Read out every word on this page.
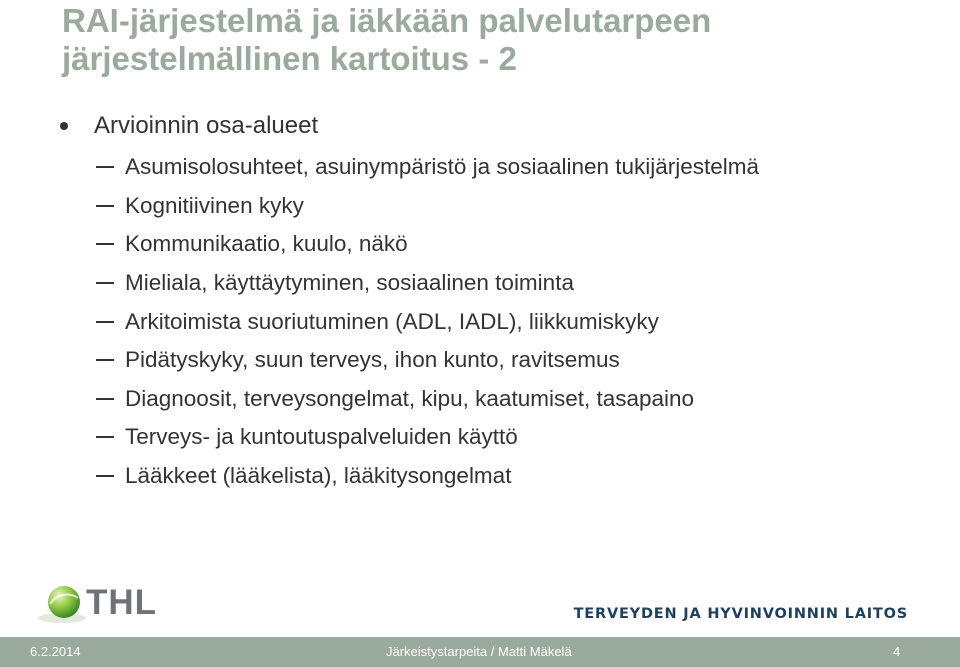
RAI-järjestelmä ja iäkkään palvelutarpeen järjestelmällinen kartoitus - 2
Arvioinnin osa-alueet
Asumisolosuhteet, asuinympäristö ja sosiaalinen tukijärjestelmä
Kognitiivinen kyky
Kommunikaatio, kuulo, näkö
Mieliala, käyttäytyminen, sosiaalinen toiminta
Arkitoimista suoriutuminen (ADL, IADL), liikkumiskyky
Pidätyskyky, suun terveys, ihon kunto, ravitsemus
Diagnoosit, terveysongelmat, kipu, kaatumiset, tasapaino
Terveys- ja kuntoutuspalveluiden käyttö
Lääkkeet (lääkelista), lääkitysongelmat
THL	TERVEYDEN JA HYVINVOINNIN LAITOS
6.2.2014	Järkeistystarpeita / Matti Mäkelä	4
